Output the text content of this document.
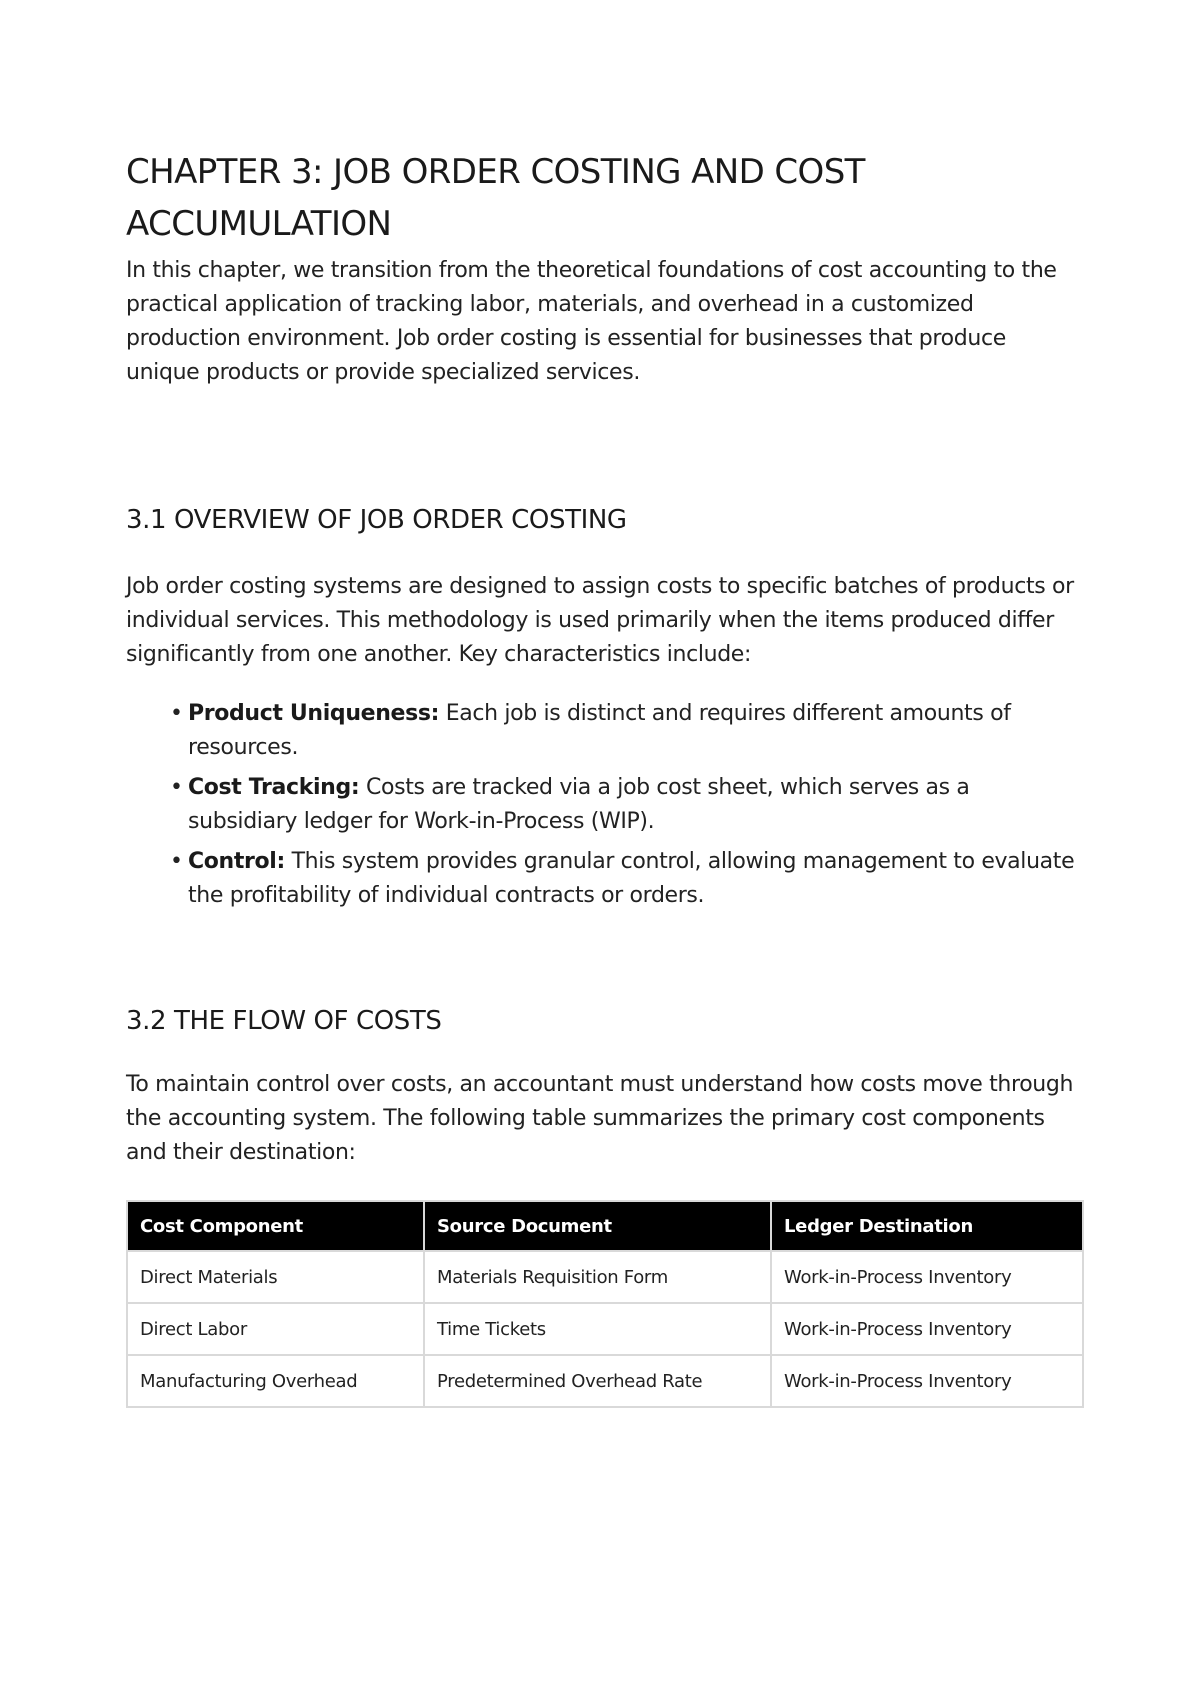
CHAPTER 3: JOB ORDER COSTING AND COST ACCUMULATION

In this chapter, we transition from the theoretical foundations of cost accounting to the practical application of tracking labor, materials, and overhead in a customized production environment. Job order costing is essential for businesses that produce unique products or provide specialized services.

3.1 OVERVIEW OF JOB ORDER COSTING

Job order costing systems are designed to assign costs to specific batches of products or individual services. This methodology is used primarily when the items produced differ significantly from one another. Key characteristics include:

• Product Uniqueness: Each job is distinct and requires different amounts of resources.
• Cost Tracking: Costs are tracked via a job cost sheet, which serves as a subsidiary ledger for Work-in-Process (WIP).
• Control: This system provides granular control, allowing management to evaluate the profitability of individual contracts or orders.
3.2 THE FLOW OF COSTS

To maintain control over costs, an accountant must understand how costs move through the accounting system. The following table summarizes the primary cost components and their destination:

Cost Component	Source Document	Ledger Destination
Direct Materials	Materials Requisition Form	Work-in-Process Inventory
Direct Labor	Time Tickets	Work-in-Process Inventory
Manufacturing Overhead	Predetermined Overhead Rate	Work-in-Process Inventory
